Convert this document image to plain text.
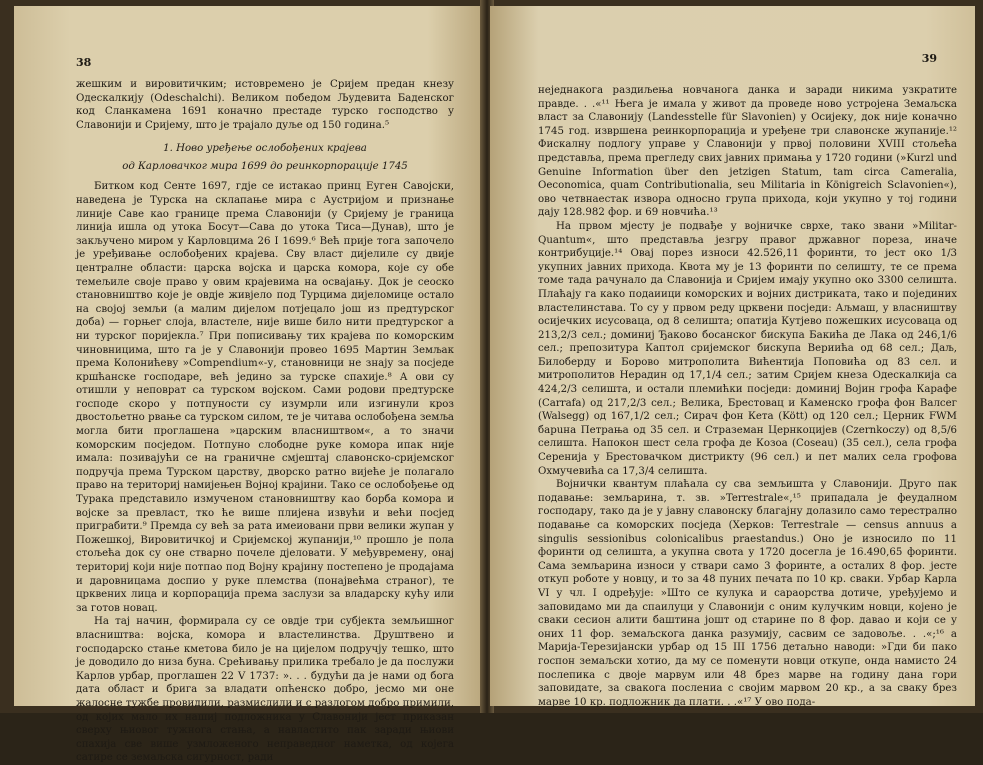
38

жешким и вировитичким; истовремено је Сријем предан кнезу Одескалкију (Odeschalchi). Великом победом Људевита Баденског код Сланкамена 1691 коначно престаде турско господство у Славонији и Сријему, што је трајало дуље од 150 година.⁵

1. Ново уређење ослобођених крајева
од Карловачког мира 1699 до реинкорпорације 1745

Битком код Сенте 1697, гдје се истакао принц Еуген Савојски, наведена је Турска на склапање мира с Аустријом и признање линије Саве као границе према Славонији (у Сријему је граница линија ишла од утока Босут—Сава до утока Тиса—Дунав), што је закључено миром у Карловцима 26 I 1699.⁶ Већ прије тога започело је уређивање ослобођених крајева. Сву власт дијелиле су двије централне области: царска војска и царска комора, које су обе темељиле своје право у овим крајевима на освајању. Док је сеоско становништво које је овдје живјело под Турцима дијеломице остало на својој земљи (а малим дијелом потјецало још из предтурског доба) — горњег слоја, властеле, није више било нити предтурског а ни турског поријекла.⁷ При пописивању тих крајева по коморским чиновницима, што га је у Славонији провео 1695 Мартин Земљак према Колонићеву »Compendium«-у, становници не знају за посједе кршћанске господаре, већ једино за турске спахије.⁸ А ови су отишли у неповрат са турском војском. Сами родови предтурске господе скоро у потпуности су изумрли или изгинули кроз двостољетно рвање са турском силом, те је читава ослобођена земља могла бити проглашена »царским власништвом«, а то значи коморским посједом. Потпуно слободне руке комора ипак није имала: позивајући се на граничне смјештај славонско-сријемског подручја према Турском царству, дворско ратно вијеће је полагало право на териториј намијењен Војној крајини. Тако се ослобођење од Турака представило измученом становништву као борба комора и војске за превласт, тко ће више плијена извући и већи посјед приграбити.⁹ Премда су већ за рата имеиовани први велики жупан у Пожешкој, Вировитичкој и Сријемској жупанији,¹⁰ прошло је пола стољећа док су оне стварно почеле дјеловати. У међувремену, онај териториј који није потпао под Војну крајину постепено је продајама и даровницама доспио у руке племства (понајвећма страног), те црквених лица и корпорација према заслузи за владарску кућу или за готов новац.

На тај начин, формирала су се овдје три субјекта земљишног власништва: војска, комора и властелинства. Друштвено и господарско стање кметова било је на цијелом подручју тешко, што је доводило до низа буна. Срећивању прилика требало је да послужи Карлов урбар, проглашен 22 V 1737: ». . . будући да је нами од бога дата област и бригa за владати опћенско добро, јесмо ми оне жалосне тужбе провидили, размислили и с разлогом добро примили, од којих мало их нашиј подложника у Славонији јест приказан сверху њиовог тужнога стања, а навластито пак заради њиови спахија све више узмложеного неправедног наметка, од којега сатире се земаљска сигурност, ради

39

неједнакога раздиљења новчаногa данка и заради никима узкратите правде. . .«¹¹ Њега је имала у живот да проведе ново устројена Земаљска власт за Славонију (Landesstelle für Slavonien) у Осијеку, док није коначно 1745 год. извршена реинкорпорација и уређене три славонске жупаније.¹² Фискалну подлогу управе у Славонији у првој половини XVIII стољећа представља, према прегледу свих јавних примања у 1720 години (»Kurzl und Genuine Information über den jetzigen Statum, tam circa Cameralia, Oeconomica, quam Contributionalia, seu Militaria in Königreich Sclavonien«), ово четвнаестак извора односно група прихода, који укупно у тој години дају 128.982 фор. и 69 новчића.¹³

На првом мјесту је подвађе у војничке сврхе, тако звани »Militar-Quantum«, што представља језгру правог државног пореза, иначе контрибуције.¹⁴ Овај порез износи 42.526,11 форинти, то јест око 1/3 укупних јавних прихода. Квота му је 13 форинти по селишту, те се према томе тада рачунало да Славонија и Сријем имају укупно око 3300 селишта. Плаћају га како подаиици коморских и војних дистриката, тако и појединих властелинстава. То су у првом реду црквени посједи: Аљмаш, у власништву осијечких исусоваца, од 8 селишта; опатија Кутјево пожешких исусоваца од 213,2/3 сел.; доминиј Ђаково босанског бискупа Бакића де Лака од 246,1/6 сел.; препозитура Каптол сријемског бискупа Вериића од 68 сел.; Даљ, Билоберду и Борово митрополита Вићентија Поповића од 83 сел. и митрополитов Нерадин од 17,1/4 сел.; затим Сријем кнеза Одескалкија са 424,2/3 селишта, и остали племићки посједи: доминиј Војин грофа Карафе (Carrafa) од 217,2/3 сел.; Велика, Брестовац и Каменско грофа фон Валсег (Walsegg) од 167,1/2 сел.; Сирач фон Кета (Kött) од 120 сел.; Церник FWM барuна Петрања од 35 сел. и Страземан Цернкоцијев (Czernkoczy) од 8,5/6 селишта. Напокон шест села грофа де Козоа (Coseau) (35 сел.), села грофа Серенија у Брестовачком дистрикту (96 сел.) и пет малих села грофова Охмучевића са 17,3/4 селишта.

Војнички квантум плаћала су сва земљишта у Славонији. Друго пак подавање: земљарина, т. зв. »Terrestrale«,¹⁵ припадала је феудалном господару, тако да је у јавну славонску благајну долазило само терестрално подавање са коморских посједа (Херков: Terrestrale — census annuus a singulis sessionibus colonicalibus praestandus.) Оно је износило по 11 форинти од селишта, а укупна свота у 1720 досегла је 16.490,65 форинти. Сама земљарина износи у ствари само 3 форинте, а осталих 8 фор. јесте откуп роботе у новцу, и то за 48 пуних печата по 10 кр. сваки. Урбар Карла VI у чл. I одређује: »Што се кулука и сараорства дотиче, уређујемо и заповидамо ми да спаилуци у Славонији с оним кулучким новци, којено је сваки сесион алити баштина јошт од старине по 8 фор. давао и који се у оних 11 фор. земаљскога данка разумију, сасвим се задовоље. . .«;¹⁶ а Марија-Терезијански урбар од 15 III 1756 детаљно наводи: »Гди би пако госпон земаљски хотио, да му се поменути новци откупе, онда намисто 24 послепика с двоје марвум или 48 брез марве на годину дана гори заповидате, за свакога послениа с својим марвом 20 кр., а за сваку брез марве 10 кр. подложник да плати. . .«¹⁷ У ово пода-
